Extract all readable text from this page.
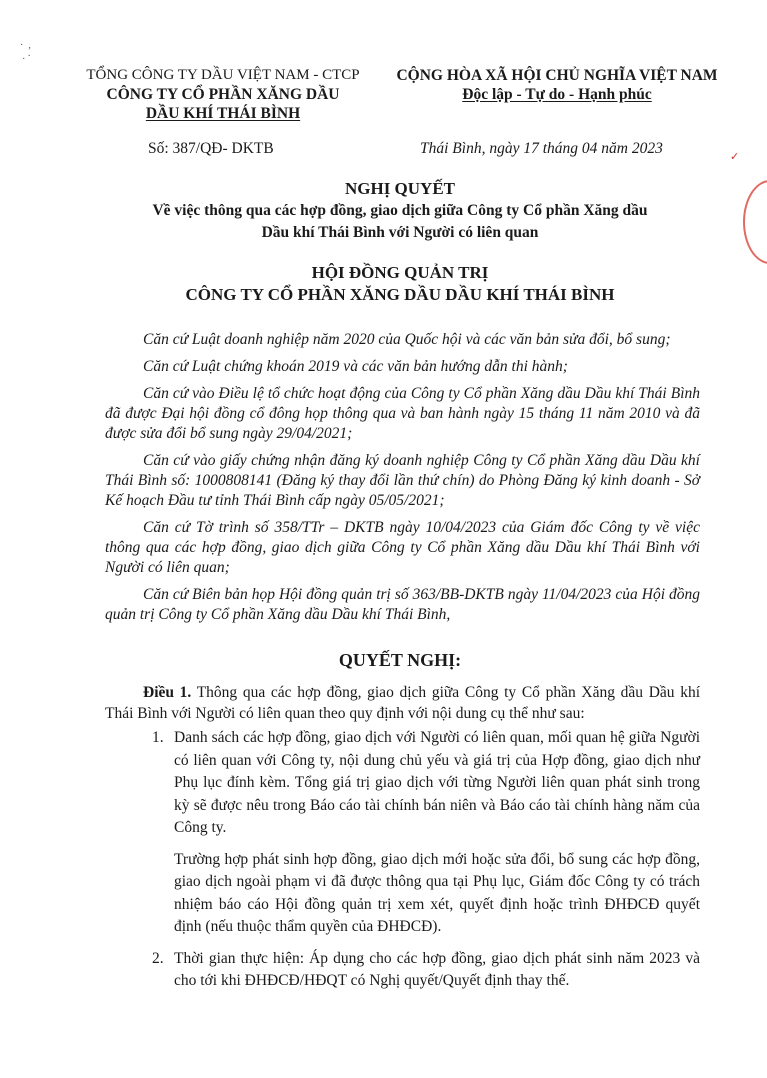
·  ,
. ·
✓
TỔNG CÔNG TY DẦU VIỆT NAM - CTCP
CÔNG TY CỔ PHẦN XĂNG DẦU
DẦU KHÍ THÁI BÌNH
CỘNG HÒA XÃ HỘI CHỦ NGHĨA VIỆT NAM
Độc lập - Tự do - Hạnh phúc
Số: 387/QĐ- DKTB	Thái Bình, ngày 17 tháng 04 năm 2023
NGHỊ QUYẾT
Về việc thông qua các hợp đồng, giao dịch giữa Công ty Cổ phần Xăng dầu
Dầu khí Thái Bình với Người có liên quan
HỘI ĐỒNG QUẢN TRỊ
CÔNG TY CỔ PHẦN XĂNG DẦU DẦU KHÍ THÁI BÌNH

Căn cứ Luật doanh nghiệp năm 2020 của Quốc hội và các văn bản sửa đổi, bổ sung;

Căn cứ Luật chứng khoán 2019 và các văn bản hướng dẫn thi hành;

Căn cứ vào Điều lệ tổ chức hoạt động của Công ty Cổ phần Xăng dầu Dầu khí Thái Bình đã được Đại hội đồng cổ đông họp thông qua và ban hành ngày 15 tháng 11 năm 2010 và đã được sửa đổi bổ sung ngày 29/04/2021;

Căn cứ vào giấy chứng nhận đăng ký doanh nghiệp Công ty Cổ phần Xăng dầu Dầu khí Thái Bình số: 1000808141 (Đăng ký thay đổi lần thứ chín) do Phòng Đăng ký kinh doanh - Sở Kế hoạch Đầu tư tỉnh Thái Bình cấp ngày 05/05/2021;

Căn cứ Tờ trình số 358/TTr – DKTB ngày 10/04/2023 của Giám đốc Công ty về việc thông qua các hợp đồng, giao dịch giữa Công ty Cổ phần Xăng dầu Dầu khí Thái Bình với Người có liên quan;

Căn cứ Biên bản họp Hội đồng quản trị số 363/BB-DKTB ngày 11/04/2023 của Hội đồng quản trị Công ty Cổ phần Xăng dầu Dầu khí Thái Bình,

QUYẾT NGHỊ:

Điều 1. Thông qua các hợp đồng, giao dịch giữa Công ty Cổ phần Xăng dầu Dầu khí Thái Bình với Người có liên quan theo quy định với nội dung cụ thể như sau:

1. Danh sách các hợp đồng, giao dịch với Người có liên quan, mối quan hệ giữa Người có liên quan với Công ty, nội dung chủ yếu và giá trị của Hợp đồng, giao dịch như Phụ lục đính kèm. Tổng giá trị giao dịch với từng Người liên quan phát sinh trong kỳ sẽ được nêu trong Báo cáo tài chính bán niên và Báo cáo tài chính hàng năm của Công ty.

Trường hợp phát sinh hợp đồng, giao dịch mới hoặc sửa đổi, bổ sung các hợp đồng, giao dịch ngoài phạm vi đã được thông qua tại Phụ lục, Giám đốc Công ty có trách nhiệm báo cáo Hội đồng quản trị xem xét, quyết định hoặc trình ĐHĐCĐ quyết định (nếu thuộc thẩm quyền của ĐHĐCĐ).

2. Thời gian thực hiện: Áp dụng cho các hợp đồng, giao dịch phát sinh năm 2023 và cho tới khi ĐHĐCĐ/HĐQT có Nghị quyết/Quyết định thay thế.
